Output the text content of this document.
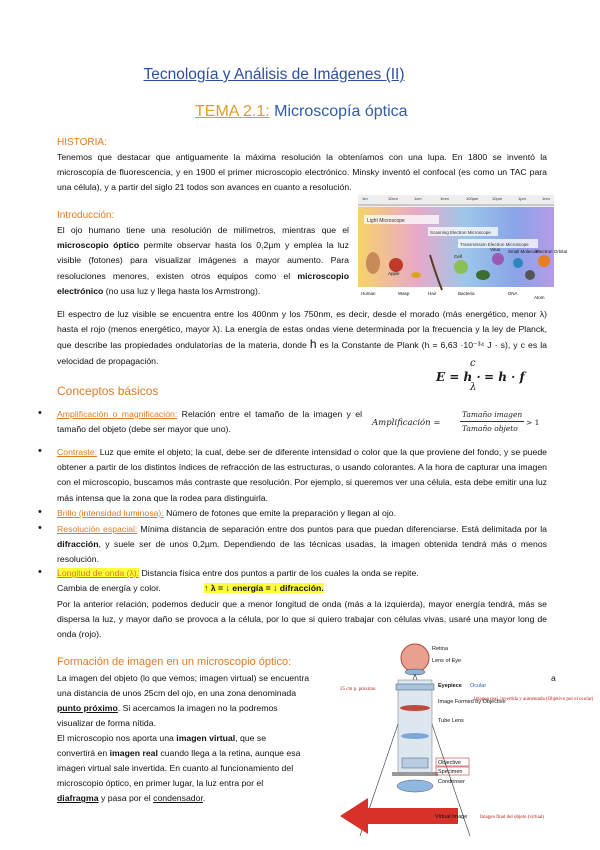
Tecnología y Análisis de Imágenes (II)
TEMA 2.1: Microscopía óptica
HISTORIA:
Tenemos que destacar que antiguamente la máxima resolución la obteníamos con una lupa. En 1800 se inventó la microscopía de fluorescencia, y en 1900 el primer microscopio electrónico. Minsky inventó el confocal (es como un TAC para una célula), y a partir del siglo 21 todos son avances en cuanto a resolución.
Introducción:
El ojo humano tiene una resolución de milímetros, mientras que el microscopio óptico permite observar hasta los 0,2µm y emplea la luz visible (fotones) para visualizar imágenes a mayor aumento. Para resoluciones menores, existen otros equipos como el microscopio electrónico (no usa luz y llega hasta los Armstrong).
1m	10cm	1cm	1mm	100µm	10µm	1µm	1nm
Light Microscope
Scanning Electron Microscope
Transmission Electron Microscope
Human	Wasp	Hair	Bacteria	DNA
Atom
Apple
Cell
Virus Small Molecule
Electron Orbital
El espectro de luz visible se encuentra entre los 400nm y los 750nm, es decir, desde el morado (más energético, menor λ) hasta el rojo (menos energético, mayor λ). La energía de estas ondas viene determinada por la frecuencia y la ley de Planck, que describe las propiedades ondulatorias de la materia, donde h es la Constante de Plank (h = 6,63 ·10⁻³⁴ J · s), y c es la velocidad de propagación.	c
E = h ·
λ
= h · f
Conceptos básicos
• Amplificación o magnificación: Relación entre el tamaño de la imagen y el tamaño del objeto (debe ser mayor que uno).
Amplificación =
Tamaño imagen
Tamaño objeto
> 1
• Contraste: Luz que emite el objeto; la cual, debe ser de diferente intensidad o color que la que proviene del fondo, y se puede obtener a partir de los distintos índices de refracción de las estructuras, o usando colorantes. A la hora de capturar una imagen con el microscopio, buscamos más contraste que resolución. Por ejemplo, si queremos ver una célula, esta debe emitir una luz más intensa que la zona que la rodea para distinguirla.
• Brillo (intensidad luminosa): Número de fotones que emite la preparación y llegan al ojo.
• Resolución espacial: Mínima distancia de separación entre dos puntos para que puedan diferenciarse. Está delimitada por la difracción, y suele ser de unos 0,2µm. Dependiendo de las técnicas usadas, la imagen obtenida tendrá más o menos resolución.
• Longitud de onda (λ): Distancia física entre dos puntos a partir de los cuales la onda se repite.
Cambia de energía y color.	↑ λ = ↓ energía = ↓ difracción.
Por la anterior relación, podemos deducir que a menor longitud de onda (más a la izquierda), mayor energía tendrá, más se dispersa la luz, y mayor daño se provoca a la célula, por lo que si quiero trabajar con células vivas, usaré una mayor long de onda (rojo).
Formación de imagen en un microscopio óptico:
La imagen del objeto (lo que vemos; imagen virtual) se encuentra	a
una distancia de unos 25cm del ojo, en una zona denominada
punto próximo. Si acercamos la imagen no la podremos
visualizar de forma nítida.
El microscopio nos aporta una imagen virtual, que se
convertirá en imagen real cuando llega a la retina, aunque esa
imagen virtual sale invertida. En cuanto al funcionamiento del
microscopio óptico, en primer lugar, la luz entra por el
diafragma y pasa por el condensador.
Retina
Lens of Eye
Eyepiece Ocular
Image Formed by Objective
Tube Lens
Objective
Specimen
Condenser
Virtual Image
25 cm p. próximo
Imagen real, invertida y aumentada (Objetivo por el ocular)
Imagen final del objeto (virtual)
